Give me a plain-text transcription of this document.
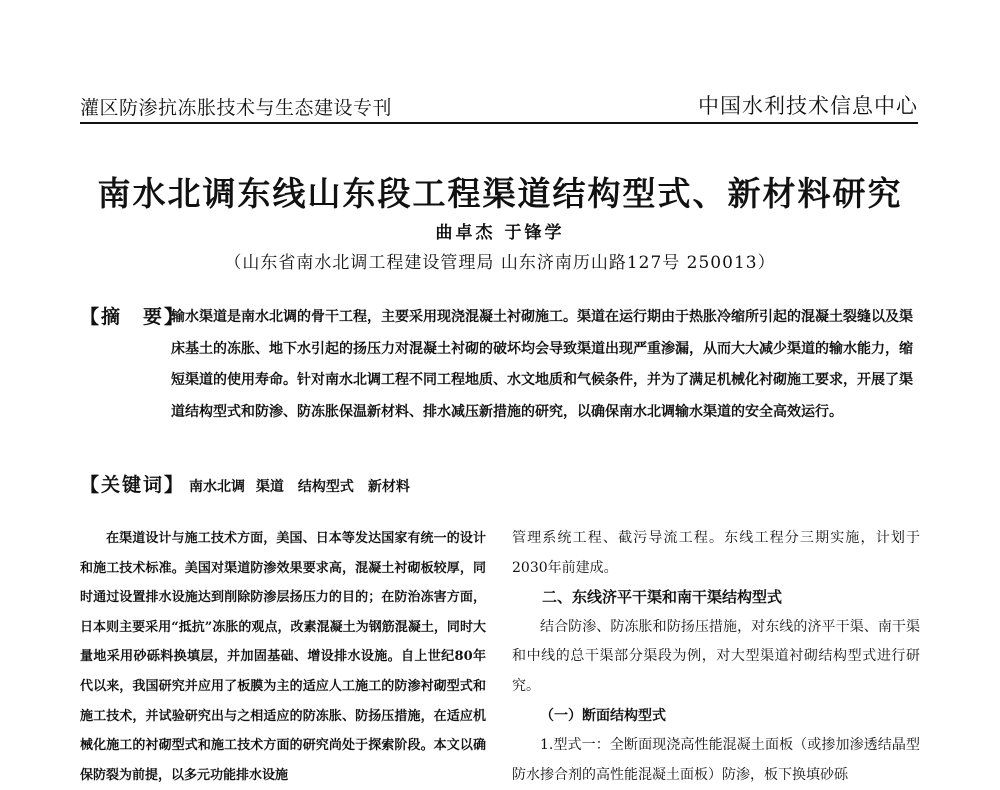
灌区防渗抗冻胀技术与生态建设专刊	中国水利技术信息中心
南水北调东线山东段工程渠道结构型式、新材料研究
曲卓杰 于锋学
（山东省南水北调工程建设管理局 山东济南历山路127号 250013）
【摘　要】
输水渠道是南水北调的骨干工程，主要采用现浇混凝土衬砌施工。渠道在运行期由于热胀冷缩所引起的混凝土裂缝以及渠床基土的冻胀、地下水引起的扬压力对混凝土衬砌的破坏均会导致渠道出现严重渗漏，从而大大减少渠道的输水能力，缩短渠道的使用寿命。针对南水北调工程不同工程地质、水文地质和气候条件，并为了满足机械化衬砌施工要求，开展了渠道结构型式和防渗、防冻胀保温新材料、排水减压新措施的研究，以确保南水北调输水渠道的安全高效运行。
【关键词】 南水北调 渠道　结构型式　新材料

在渠道设计与施工技术方面，美国、日本等发达国家有统一的设计和施工技术标准。美国对渠道防渗效果要求高，混凝土衬砌板较厚，同时通过设置排水设施达到削除防渗层扬压力的目的；在防治冻害方面，日本则主要采用“抵抗”冻胀的观点，改素混凝土为钢筋混凝土，同时大量地采用砂砾料换填层，并加固基础、增设排水设施。自上世纪80年代以来，我国研究并应用了板膜为主的适应人工施工的防渗衬砌型式和施工技术，并试验研究出与之相适应的防冻胀、防扬压措施，在适应机械化施工的衬砌型式和施工技术方面的研究尚处于探索阶段。本文以确保防裂为前提，以多元功能排水设施

管理系统工程、截污导流工程。东线工程分三期实施，计划于2030年前建成。

二、东线济平干渠和南干渠结构型式

结合防渗、防冻胀和防扬压措施，对东线的济平干渠、南干渠和中线的总干渠部分渠段为例，对大型渠道衬砌结构型式进行研究。

（一）断面结构型式

1.型式一：全断面现浇高性能混凝土面板（或掺加渗透结晶型防水掺合剂的高性能混凝土面板）防渗，板下换填砂砾
